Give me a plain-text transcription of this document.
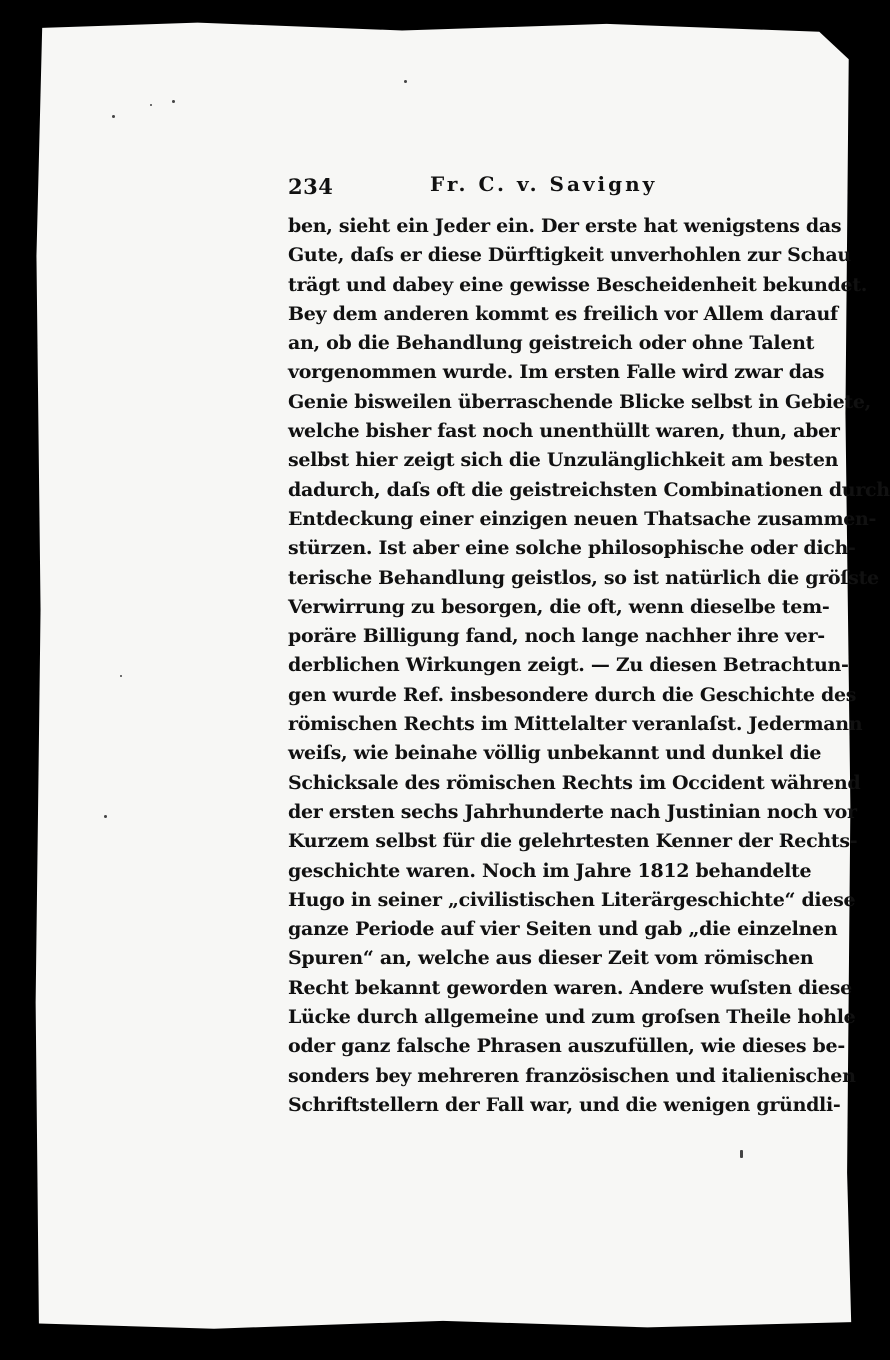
234	Fr. C. v. Savigny
ben, sieht ein Jeder ein. Der erste hat wenigstens das
Gute, daſs er diese Dürftigkeit unverhohlen zur Schau
trägt und dabey eine gewisse Bescheidenheit bekundet.
Bey dem anderen kommt es freilich vor Allem darauf
an, ob die Behandlung geistreich oder ohne Talent
vorgenommen wurde. Im ersten Falle wird zwar das
Genie bisweilen überraschende Blicke selbst in Gebiete,
welche bisher fast noch unenthüllt waren, thun, aber
selbst hier zeigt sich die Unzulänglichkeit am besten
dadurch, daſs oft die geistreichsten Combinationen durch
Entdeckung einer einzigen neuen Thatsache zusammen-
stürzen. Ist aber eine solche philosophische oder dich-
terische Behandlung geistlos, so ist natürlich die gröſste
Verwirrung zu besorgen, die oft, wenn dieselbe tem-
poräre Billigung fand, noch lange nachher ihre ver-
derblichen Wirkungen zeigt. — Zu diesen Betrachtun-
gen wurde Ref. insbesondere durch die Geschichte des
römischen Rechts im Mittelalter veranlaſst. Jedermann
weiſs, wie beinahe völlig unbekannt und dunkel die
Schicksale des römischen Rechts im Occident während
der ersten sechs Jahrhunderte nach Justinian noch vor
Kurzem selbst für die gelehrtesten Kenner der Rechts-
geschichte waren. Noch im Jahre 1812 behandelte
Hugo in seiner „civilistischen Literärgeschichte“ diese
ganze Periode auf vier Seiten und gab „die einzelnen
Spuren“ an, welche aus dieser Zeit vom römischen
Recht bekannt geworden waren. Andere wuſsten diese
Lücke durch allgemeine und zum groſsen Theile hohle
oder ganz falsche Phrasen auszufüllen, wie dieses be-
sonders bey mehreren französischen und italienischen
Schriftstellern der Fall war, und die wenigen gründli-
